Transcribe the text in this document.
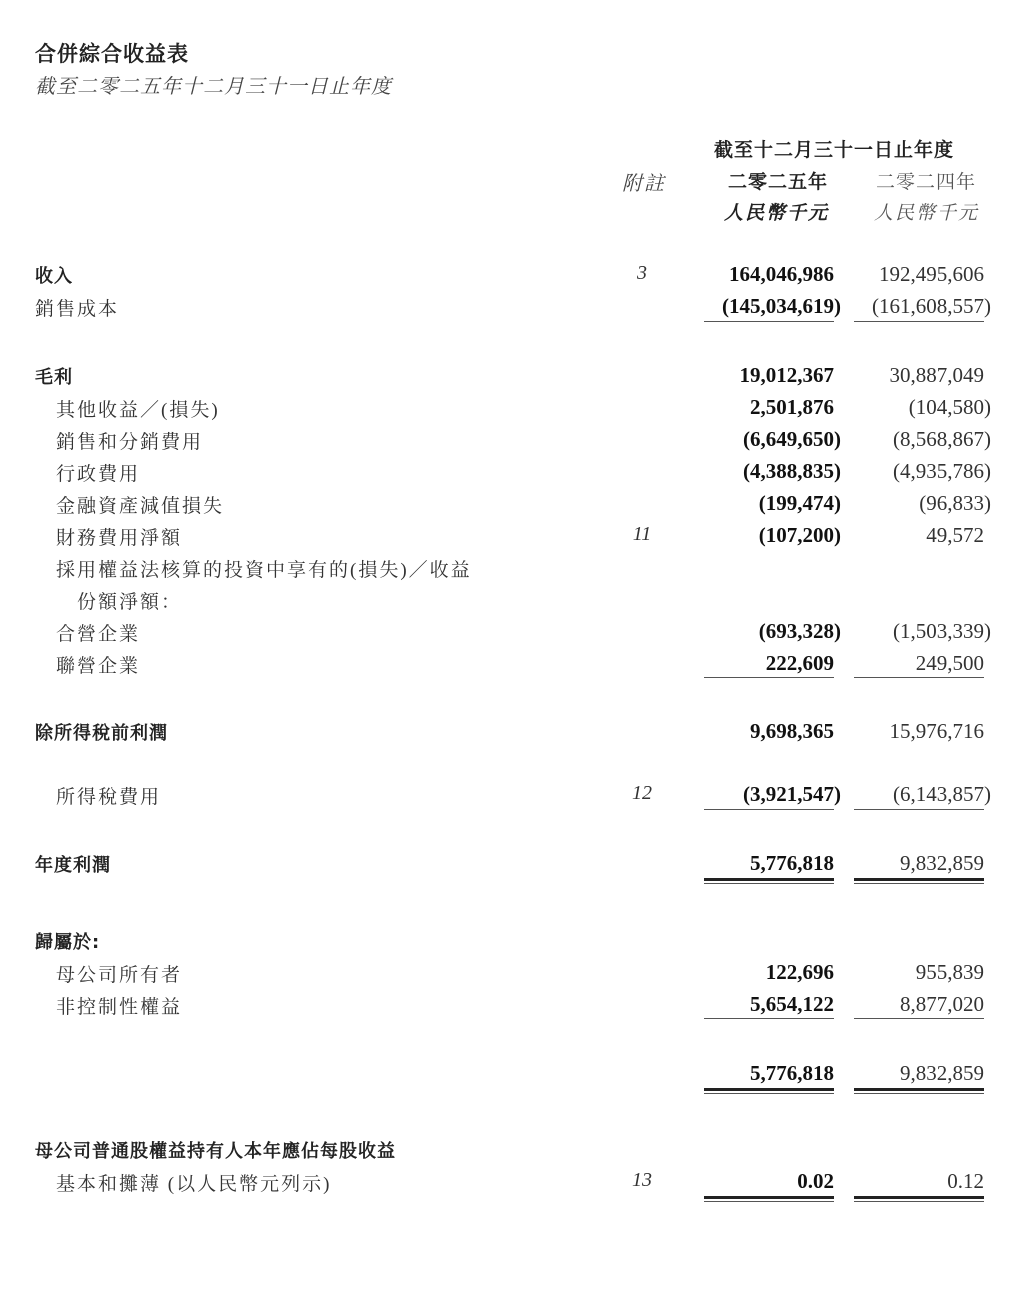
合併綜合收益表
截至二零二五年十二月三十一日止年度
截至十二月三十一日止年度
附註	二零二五年	二零二四年
人民幣千元 人民幣千元
收入	3	164,046,986 192,495,606
銷售成本	(145,034,619) (161,608,557)
毛利	19,012,367	30,887,049
其他收益／(損失)	2,501,876	(104,580)
銷售和分銷費用	(6,649,650) (8,568,867)
行政費用	(4,388,835) (4,935,786)
金融資產減值損失	(199,474)	(96,833)
財務費用淨額	11	(107,200)	49,572
採用權益法核算的投資中享有的(損失)／收益
份額淨額：
合營企業	(693,328) (1,503,339)
聯營企業	222,609	249,500
除所得稅前利潤	9,698,365	15,976,716
所得稅費用	12	(3,921,547) (6,143,857)
年度利潤	5,776,818	9,832,859
歸屬於:
母公司所有者	122,696	955,839
非控制性權益	5,654,122	8,877,020
5,776,818	9,832,859
母公司普通股權益持有人本年應佔每股收益
基本和攤薄 (以人民幣元列示)	13	0.02	0.12
